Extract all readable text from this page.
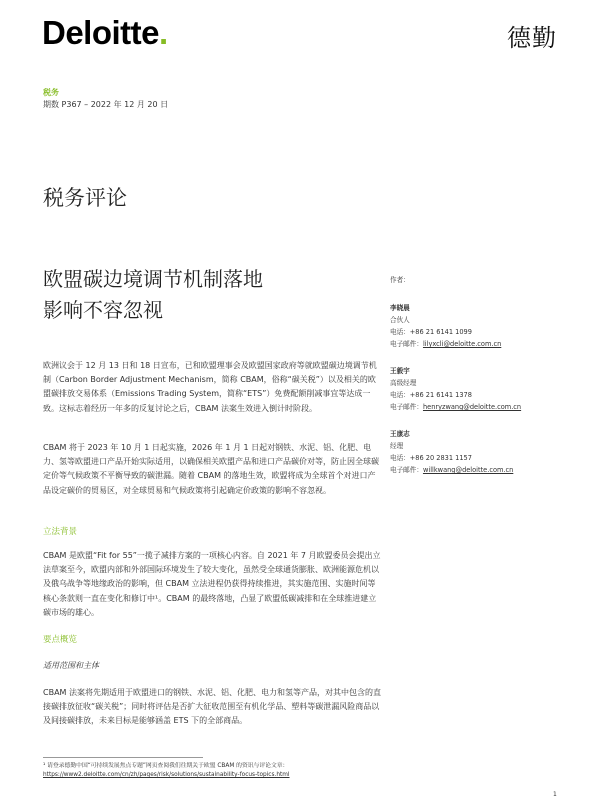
Deloitte.	德勤
税务
期数 P367 – 2022 年 12 月 20 日
税务评论
欧盟碳边境调节机制落地
影响不容忽视

欧洲议会于 12 月 13 日和 18 日宣布，已和欧盟理事会及欧盟国家政府等就欧盟碳边境调节机制（Carbon Border Adjustment Mechanism，简称 CBAM，俗称“碳关税”）以及相关的欧盟碳排放交易体系（Emissions Trading System，简称“ETS”）免费配额削减事宜等达成一致。这标志着经历一年多的反复讨论之后，CBAM 法案生效进入倒计时阶段。

CBAM 将于 2023 年 10 月 1 日起实施，2026 年 1 月 1 日起对钢铁、水泥、铝、化肥、电力、氢等欧盟进口产品开始实际适用，以确保相关欧盟产品和进口产品碳价对等，防止因全球碳定价等气候政策不平衡导致的碳泄漏。随着 CBAM 的落地生效，欧盟将成为全球首个对进口产品设定碳价的贸易区，对全球贸易和气候政策将引起确定价政策的影响不容忽视。

立法背景

CBAM 是欧盟“Fit for 55”一揽子减排方案的一项核心内容。自 2021 年 7 月欧盟委员会提出立法草案至今，欧盟内部和外部国际环境发生了较大变化，虽然受全球通货膨胀、欧洲能源危机以及俄乌战争等地缘政治的影响，但 CBAM 立法进程仍获得持续推进，其实施范围、实施时间等核心条款则一直在变化和修订中¹。CBAM 的最终落地，凸显了欧盟低碳减排和在全球推进建立碳市场的雄心。

要点概览
适用范围和主体

CBAM 法案将先期适用于欧盟进口的钢铁、水泥、铝、化肥、电力和氢等产品，对其中包含的直接碳排放征收“碳关税”；同时将评估是否扩大征收范围至有机化学品、塑料等碳泄漏风险商品以及间接碳排放，未来目标是能够涵盖 ETS 下的全部商品。

作者：
李晓晨
合伙人
电话：+86 21 6141 1099
电子邮件：lilyxcli@deloitte.com.cn
王毅宇
高级经理
电话：+86 21 6141 1378
电子邮件：henryzwang@deloitte.com.cn
王康志
经理
电话：+86 20 2831 1157
电子邮件：willkwang@deloitte.com.cn

¹ 请登录德勤中国“可持续发展焦点专题”网页查阅我们往期关于欧盟 CBAM 的资讯与评论文章：
https://www2.deloitte.com/cn/zh/pages/risk/solutions/sustainability-focus-topics.html

1
